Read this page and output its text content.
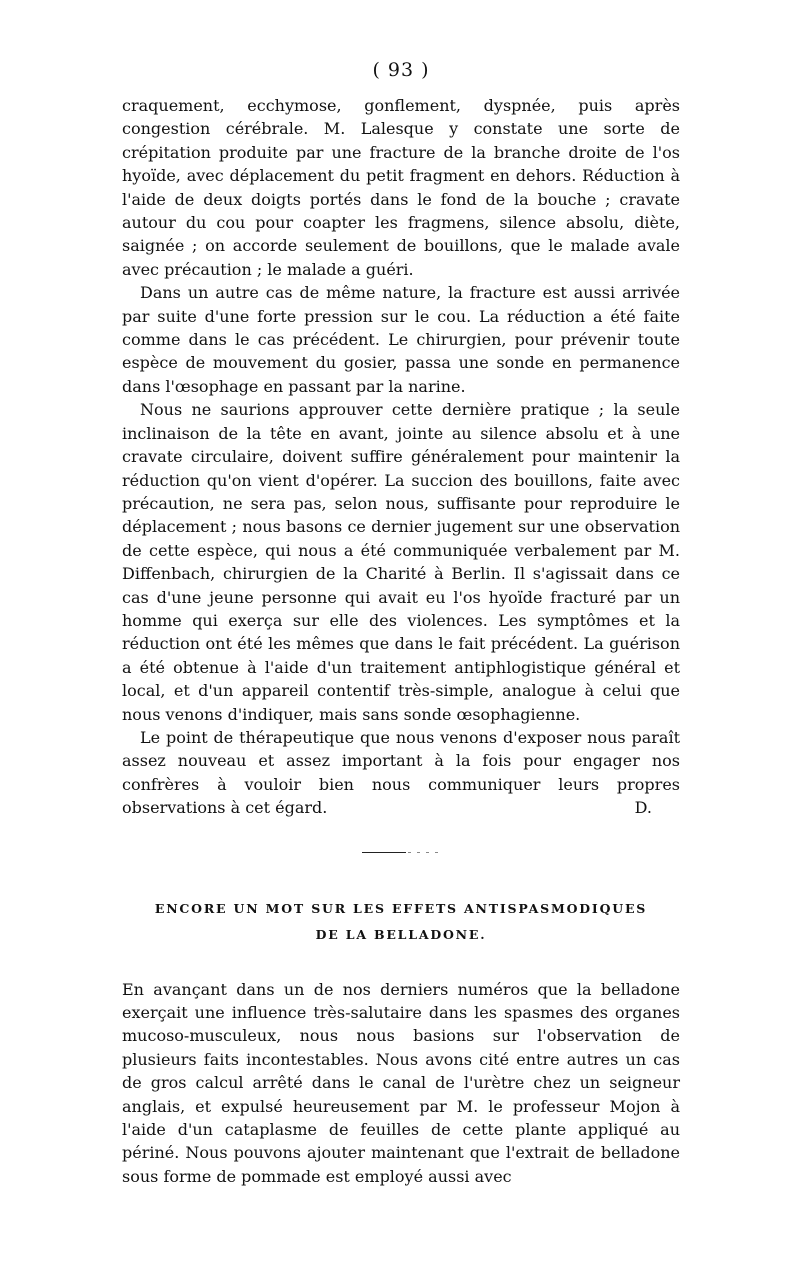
( 93 )

craquement, ecchymose, gonflement, dyspnée, puis après congestion cérébrale. M. Lalesque y constate une sorte de crépitation produite par une fracture de la branche droite de l'os hyoïde, avec déplacement du petit fragment en dehors. Réduction à l'aide de deux doigts portés dans le fond de la bouche ; cravate autour du cou pour coapter les fragmens, silence absolu, diète, saignée ; on accorde seulement de bouillons, que le malade avale avec précaution ; le malade a guéri.

Dans un autre cas de même nature, la fracture est aussi arrivée par suite d'une forte pression sur le cou. La réduction a été faite comme dans le cas précédent. Le chirurgien, pour prévenir toute espèce de mouvement du gosier, passa une sonde en permanence dans l'œsophage en passant par la narine.

Nous ne saurions approuver cette dernière pratique ; la seule inclinaison de la tête en avant, jointe au silence absolu et à une cravate circulaire, doivent suffire généralement pour maintenir la réduction qu'on vient d'opérer. La succion des bouillons, faite avec précaution, ne sera pas, selon nous, suffisante pour reproduire le déplacement ; nous basons ce dernier jugement sur une observation de cette espèce, qui nous a été communiquée verbalement par M. Diffenbach, chirurgien de la Charité à Berlin. Il s'agissait dans ce cas d'une jeune personne qui avait eu l'os hyoïde fracturé par un homme qui exerça sur elle des violences. Les symptômes et la réduction ont été les mêmes que dans le fait précédent. La guérison a été obtenue à l'aide d'un traitement antiphlogistique général et local, et d'un appareil contentif très-simple, analogue à celui que nous venons d'indiquer, mais sans sonde œsophagienne.

Le point de thérapeutique que nous venons d'exposer nous paraît assez nouveau et assez important à la fois pour engager nos confrères à vouloir bien nous communiquer leurs propres observations à cet égard.	D.

ENCORE UN MOT SUR LES EFFETS ANTISPASMODIQUES

DE LA BELLADONE.

En avançant dans un de nos derniers numéros que la belladone exerçait une influence très-salutaire dans les spasmes des organes mucoso-musculeux, nous nous basions sur l'observation de plusieurs faits incontestables. Nous avons cité entre autres un cas de gros calcul arrêté dans le canal de l'urètre chez un seigneur anglais, et expulsé heureusement par M. le professeur Mojon à l'aide d'un cataplasme de feuilles de cette plante appliqué au périné. Nous pouvons ajouter maintenant que l'extrait de belladone sous forme de pommade est employé aussi avec
